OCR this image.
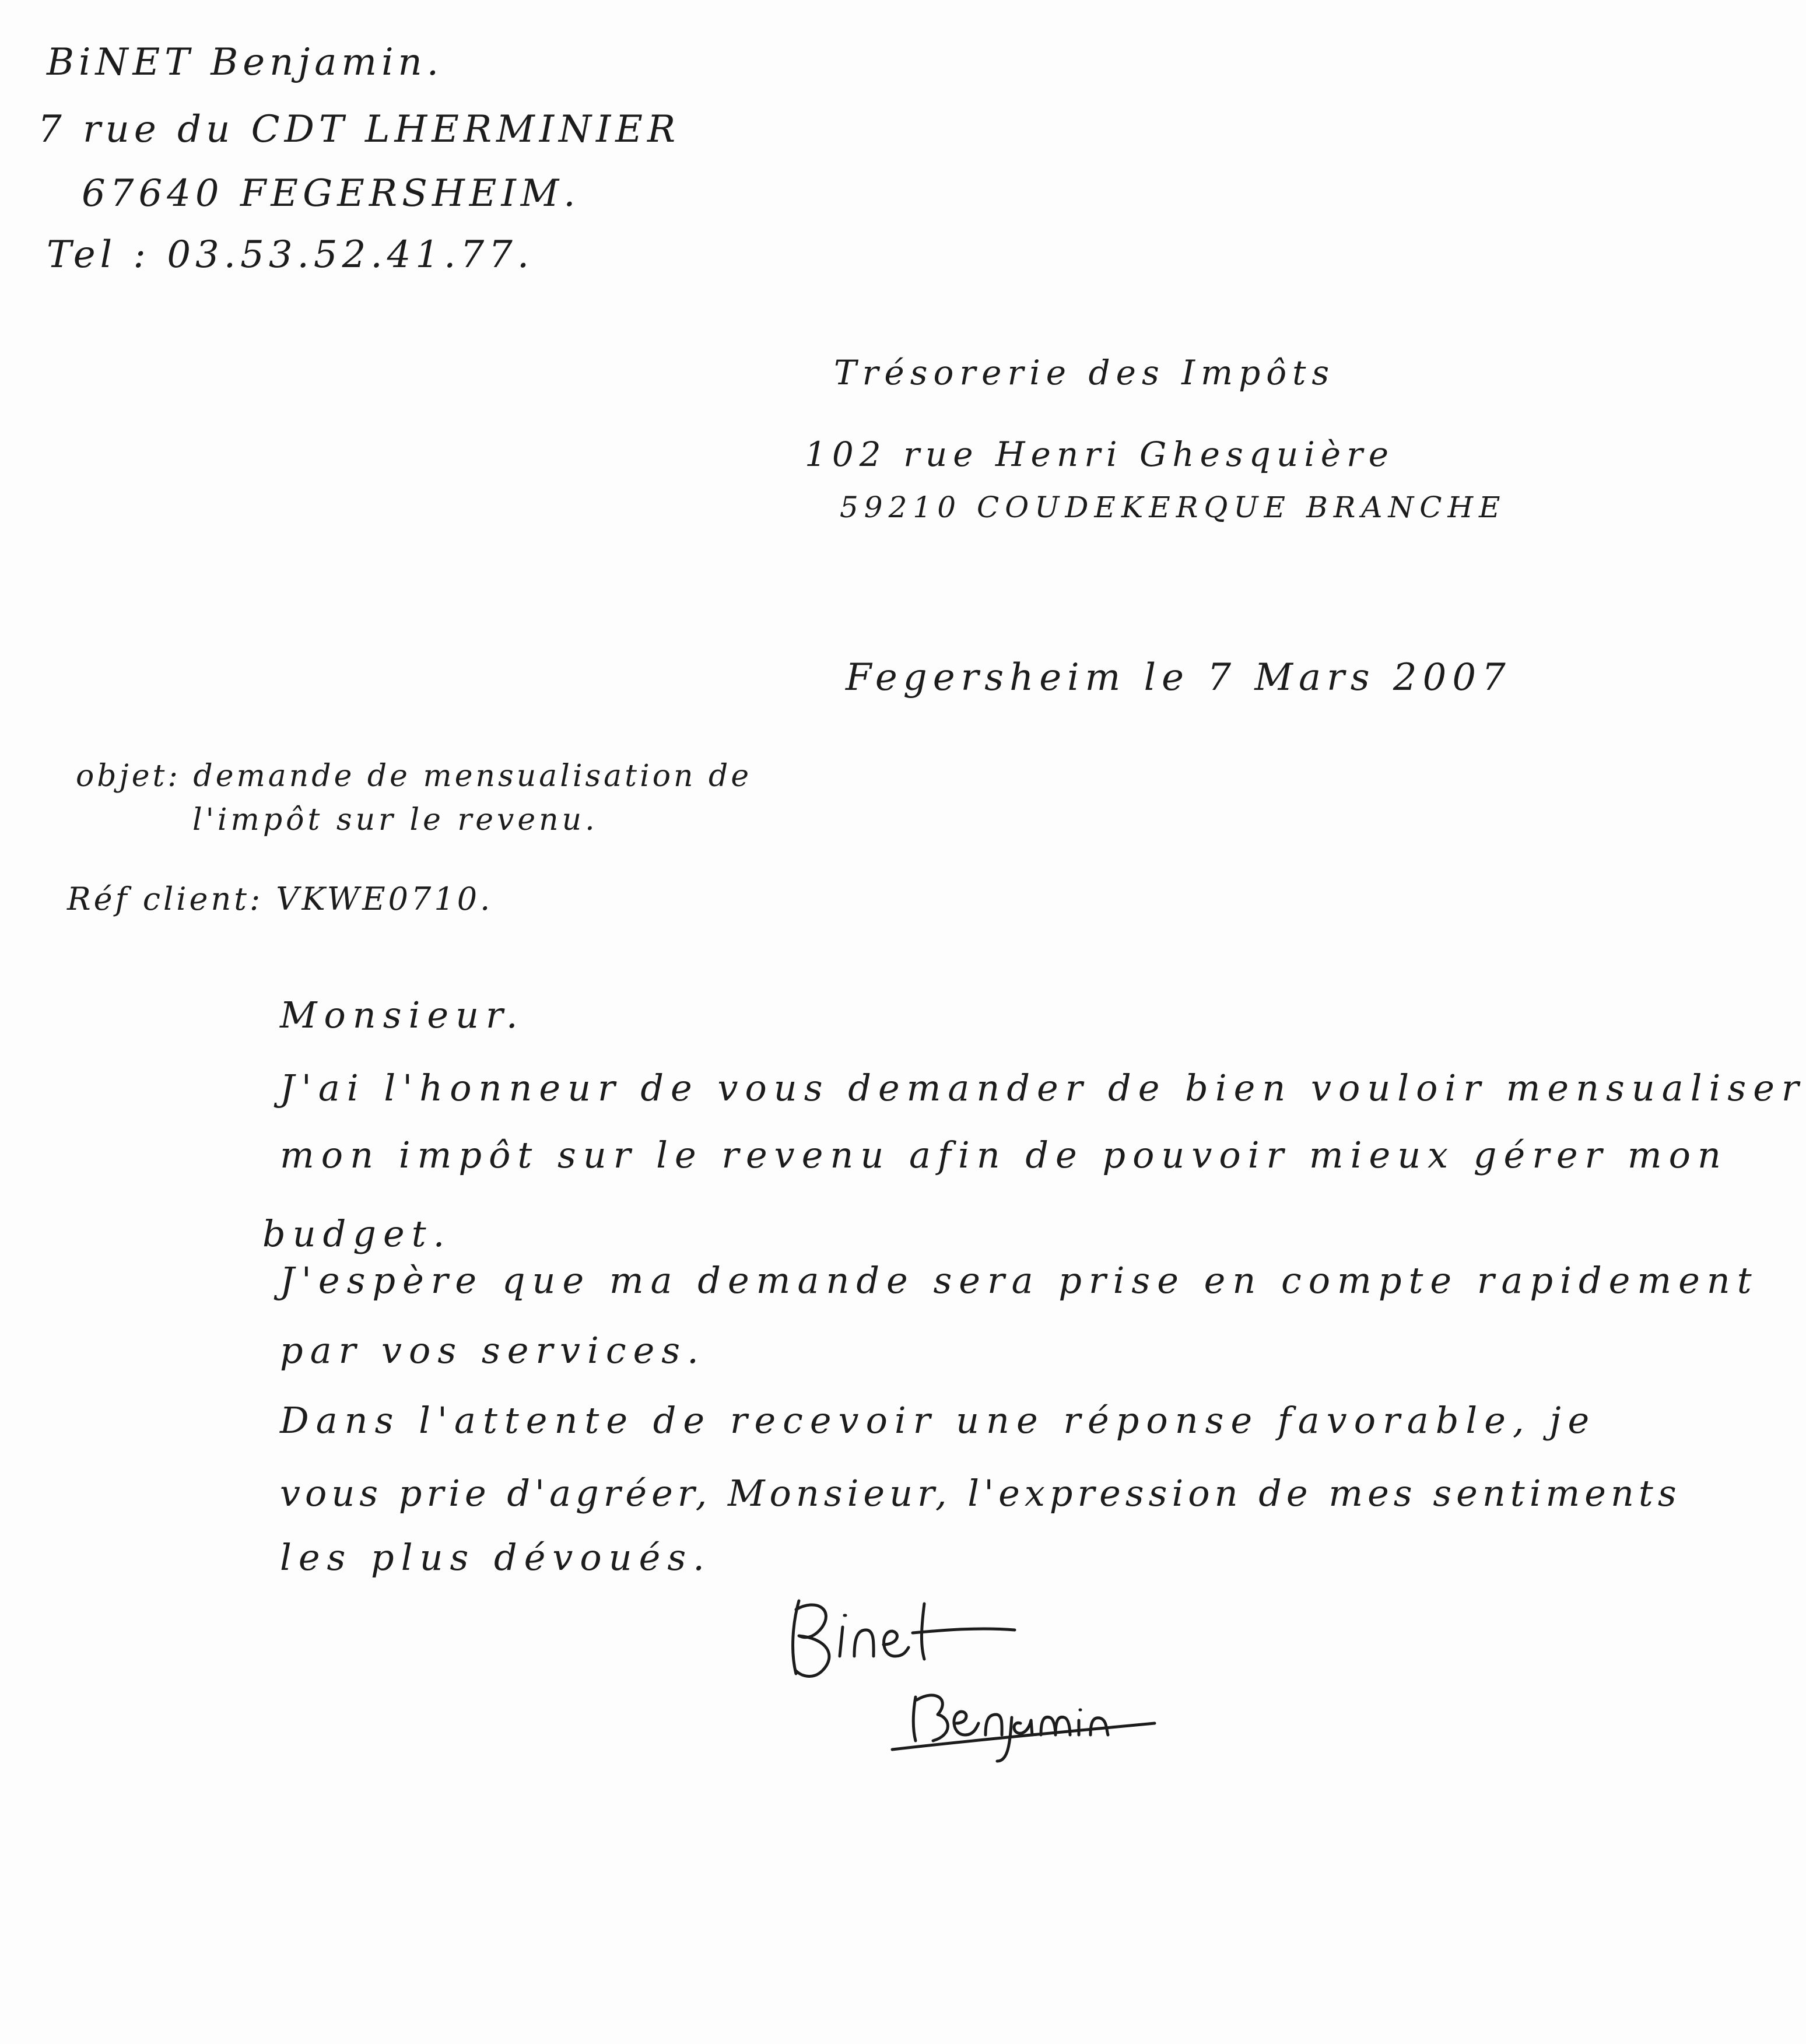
BiNET Benjamin.
7 rue du CDT LHERMINIER
67640 FEGERSHEIM.
Tel : 03.53.52.41.77.
Trésorerie des Impôts
102 rue Henri Ghesquière
59210 COUDEKERQUE BRANCHE
Fegersheim le 7 Mars 2007
objet: demande de mensualisation de
l'impôt sur le revenu.
Réf client: VKWE0710.
Monsieur.
J'ai l'honneur de vous demander de bien vouloir mensualiser
mon impôt sur le revenu afin de pouvoir mieux gérer mon
budget.
J'espère que ma demande sera prise en compte rapidement
par vos services.
Dans l'attente de recevoir une réponse favorable, je
vous prie d'agréer, Monsieur, l'expression de mes sentiments
les plus dévoués.
